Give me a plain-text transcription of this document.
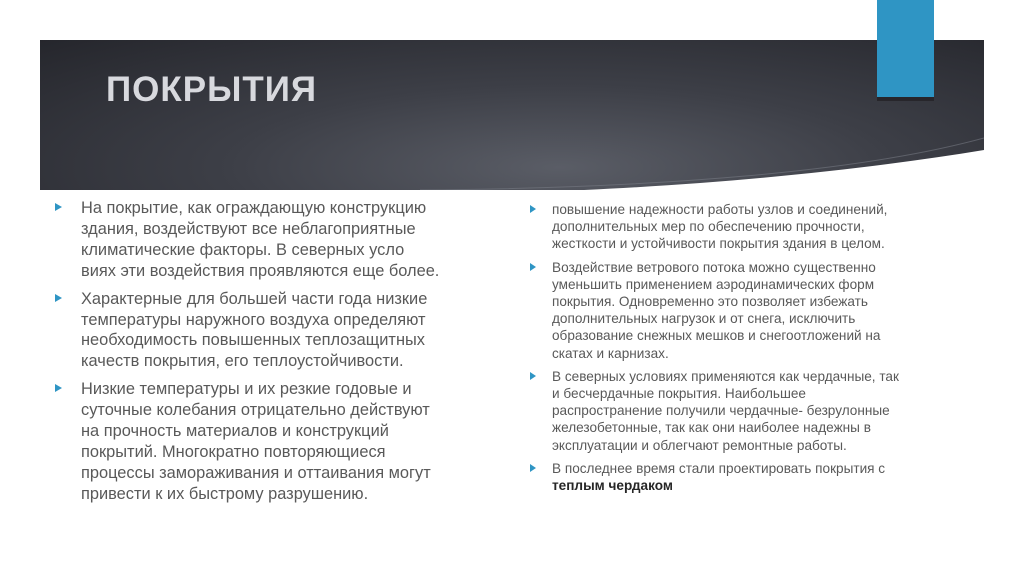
ПОКРЫТИЯ
На покрытие, как ограждающую конструкцию
здания, воздействуют все неблагоприятные
климатические факторы. В северных усло
виях эти воздействия проявляются еще более.
Характерные для большей части года низкие
температуры наружного воздуха определяют
необходимость повышенных теплозащитных
качеств покрытия, его теплоустойчивости.
Низкие температуры и их резкие годовые и
суточные колебания отрицательно действуют
на прочность материалов и конструкций
покрытий. Многократно повторяющиеся
процессы замораживания и оттаивания могут
привести к их быстрому разрушению.
повышение надежности работы узлов и соединений,
дополнительных мер по обеспечению прочности,
жесткости и устойчивости покрытия здания в целом.
Воздействие ветрового потока можно существенно
уменьшить применением аэродинамических форм
покрытия. Одновременно это позволяет избежать
дополнительных нагрузок и от снега, исключить
образование снежных мешков и снегоотложений на
скатах и карнизах.
В северных условиях применяются как чердачные, так
и бесчердачные покрытия. Наибольшее
распространение получили чердачные- безрулонные
железобетонные, так как они наиболее надежны в
эксплуатации и облегчают ремонтные работы.
В последнее время стали проектировать покрытия с
теплым чердаком
